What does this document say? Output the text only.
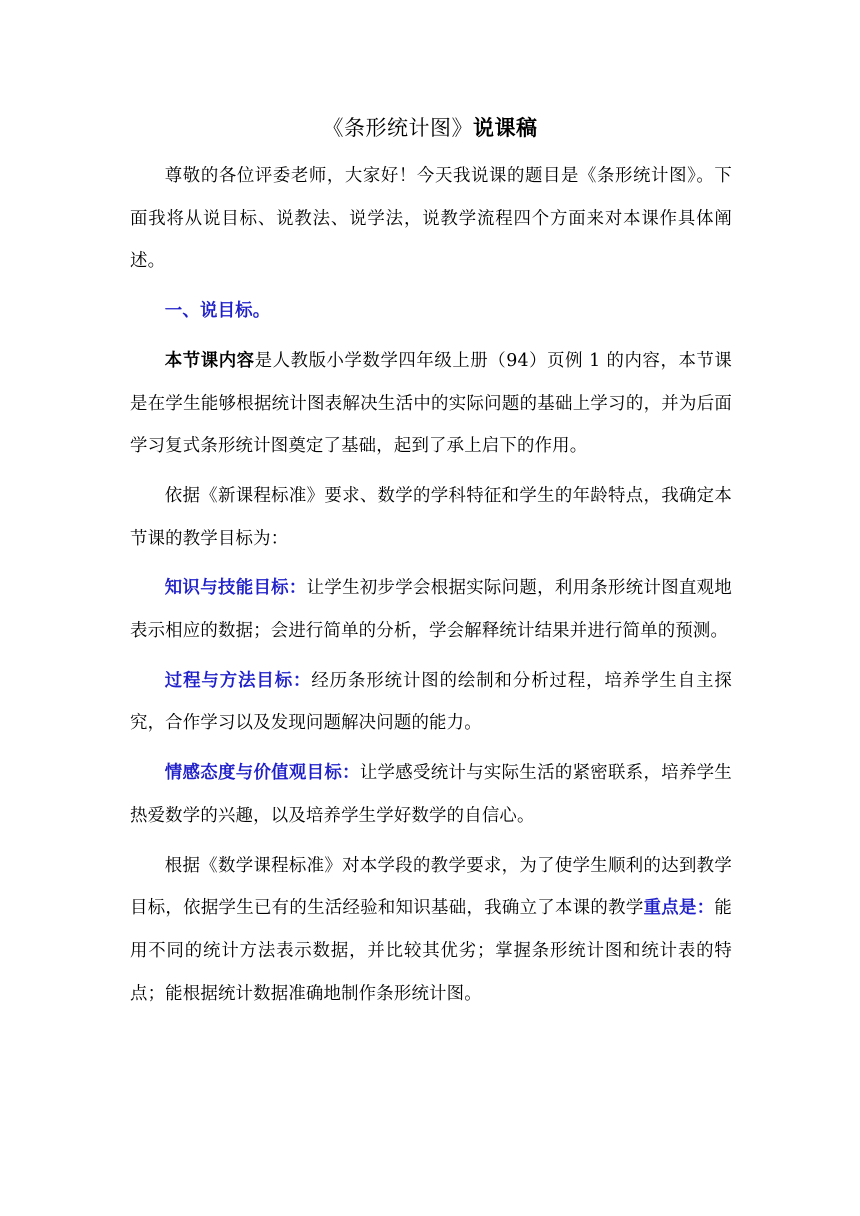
《条形统计图》说课稿

尊敬的各位评委老师，大家好！今天我说课的题目是《条形统计图》。下面我将从说目标、说教法、说学法，说教学流程四个方面来对本课作具体阐述。

一、说目标。

本节课内容是人教版小学数学四年级上册（94）页例 1 的内容，本节课是在学生能够根据统计图表解决生活中的实际问题的基础上学习的，并为后面学习复式条形统计图奠定了基础，起到了承上启下的作用。

依据《新课程标准》要求、数学的学科特征和学生的年龄特点，我确定本节课的教学目标为：

知识与技能目标：让学生初步学会根据实际问题，利用条形统计图直观地表示相应的数据；会进行简单的分析，学会解释统计结果并进行简单的预测。

过程与方法目标：经历条形统计图的绘制和分析过程，培养学生自主探究，合作学习以及发现问题解决问题的能力。

情感态度与价值观目标：让学感受统计与实际生活的紧密联系，培养学生热爱数学的兴趣，以及培养学生学好数学的自信心。

根据《数学课程标准》对本学段的教学要求，为了使学生顺利的达到教学目标，依据学生已有的生活经验和知识基础，我确立了本课的教学重点是：能用不同的统计方法表示数据，并比较其优劣；掌握条形统计图和统计表的特点；能根据统计数据准确地制作条形统计图。
